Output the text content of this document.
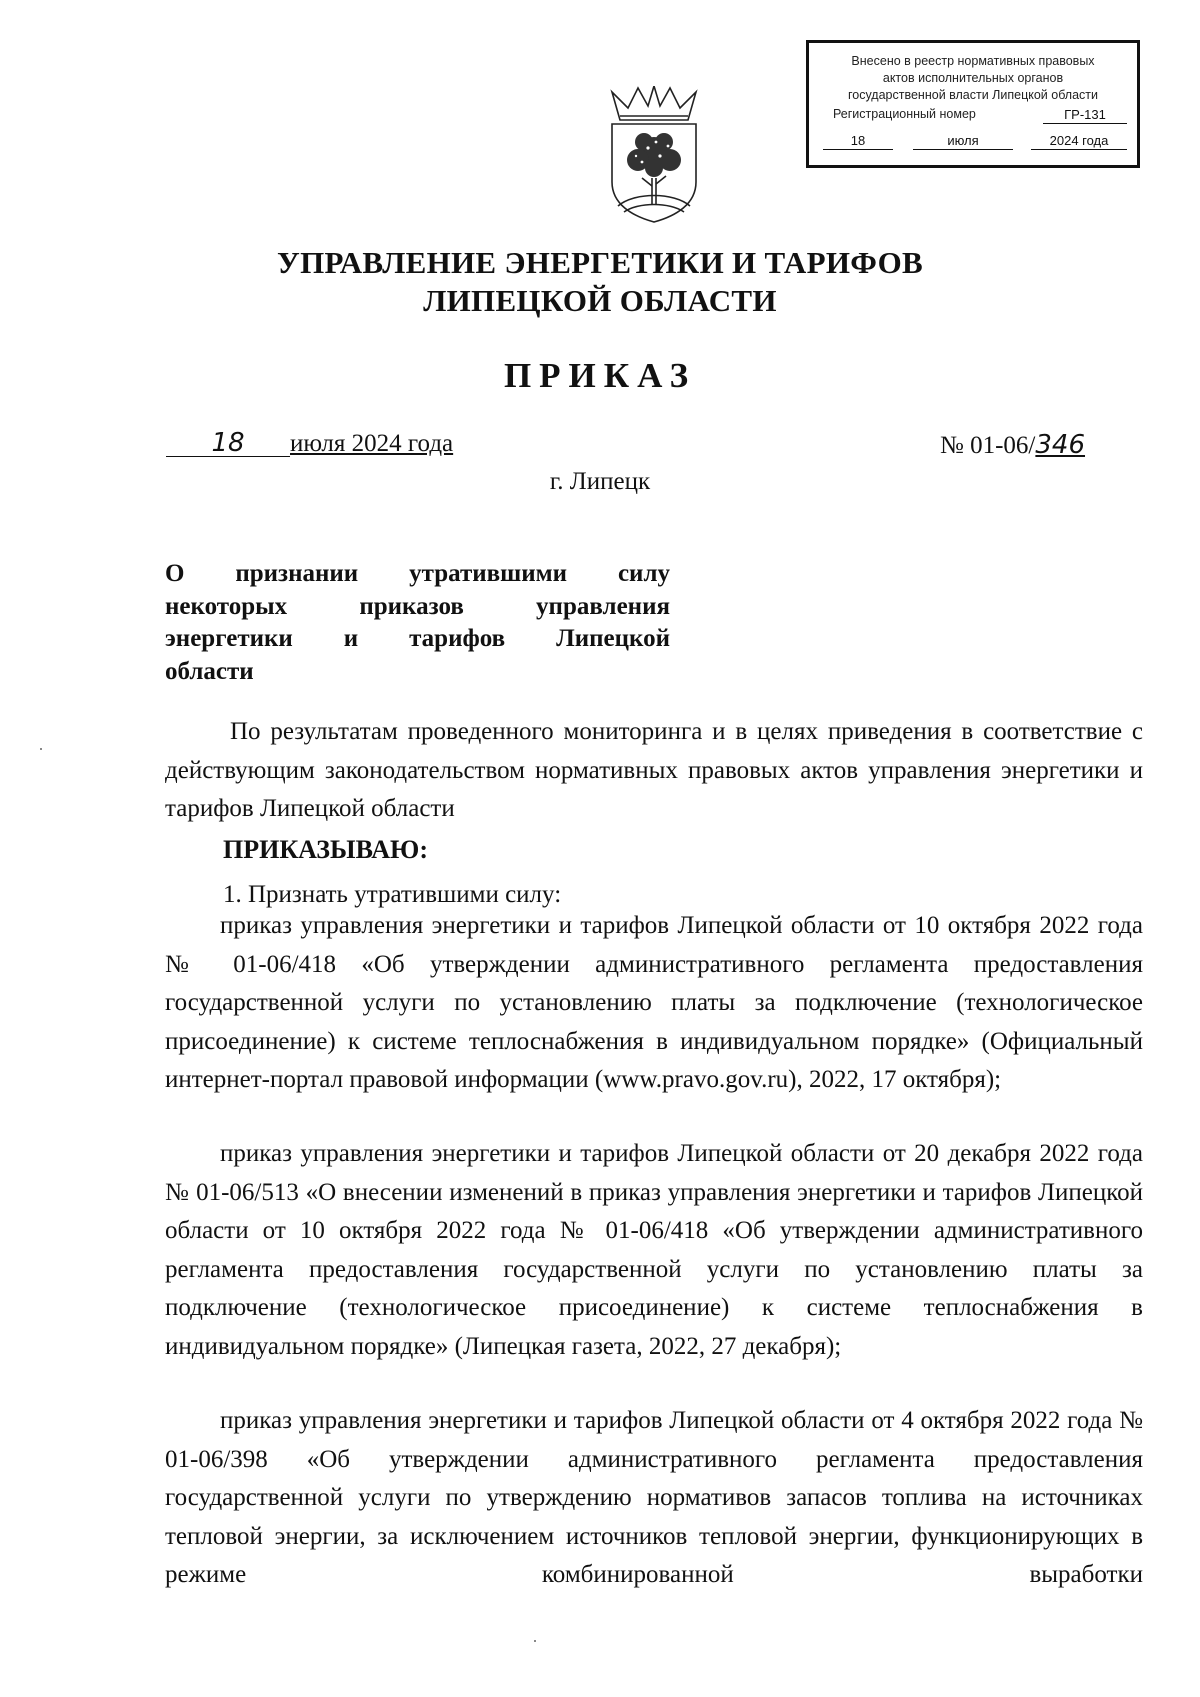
Внесено в реестр нормативных правовых
актов исполнительных органов
государственной власти Липецкой области
Регистрационный номер	ГР-131
18	июля	2024 года
УПРАВЛЕНИЕ ЭНЕРГЕТИКИ И ТАРИФОВ
ЛИПЕЦКОЙ ОБЛАСТИ
ПРИКАЗ
18 июля 2024 года	№ 01-06/346
г. Липецк
О признании утратившими силу
некоторых приказов управления
энергетики и тарифов Липецкой
области
По результатам проведенного мониторинга и в целях приведения в соответствие с действующим законодательством нормативных правовых актов управления энергетики и тарифов Липецкой области
ПРИКАЗЫВАЮ:
1. Признать утратившими силу:
приказ управления энергетики и тарифов Липецкой области от 10 октября 2022 года № 01-06/418 «Об утверждении административного регламента предоставления государственной услуги по установлению платы за подключение (технологическое присоединение) к системе теплоснабжения в индивидуальном порядке» (Официальный интернет-портал правовой информации (www.pravo.gov.ru), 2022, 17 октября);
приказ управления энергетики и тарифов Липецкой области от 20 декабря 2022 года № 01-06/513 «О внесении изменений в приказ управления энергетики и тарифов Липецкой области от 10 октября 2022 года № 01-06/418 «Об утверждении административного регламента предоставления государственной услуги по установлению платы за подключение (технологическое присоединение) к системе теплоснабжения в индивидуальном порядке» (Липецкая газета, 2022, 27 декабря);
приказ управления энергетики и тарифов Липецкой области от 4 октября 2022 года № 01-06/398 «Об утверждении административного регламента предоставления государственной услуги по утверждению нормативов запасов топлива на источниках тепловой энергии, за исключением источников тепловой энергии, функционирующих в режиме комбинированной выработки
